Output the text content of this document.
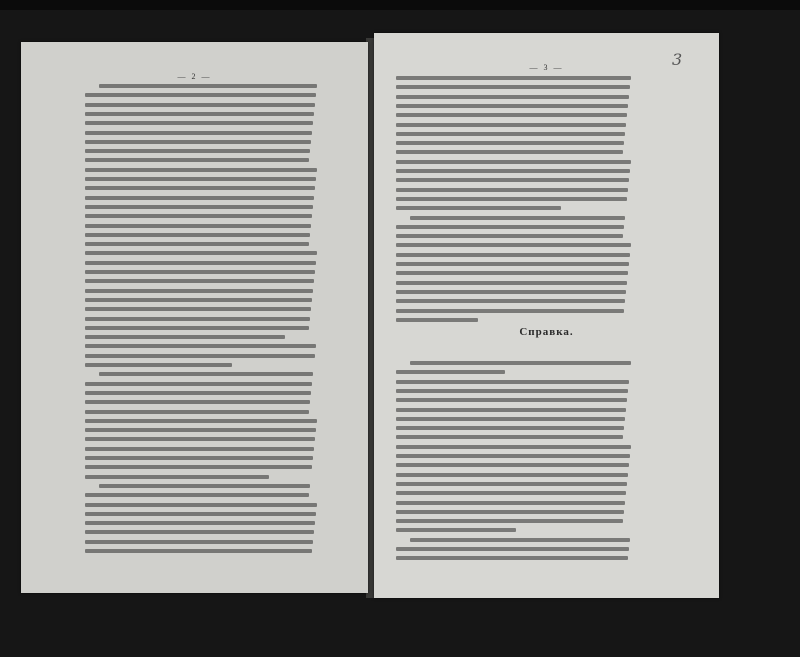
— 2 —
— 3 —
Справка.
3
